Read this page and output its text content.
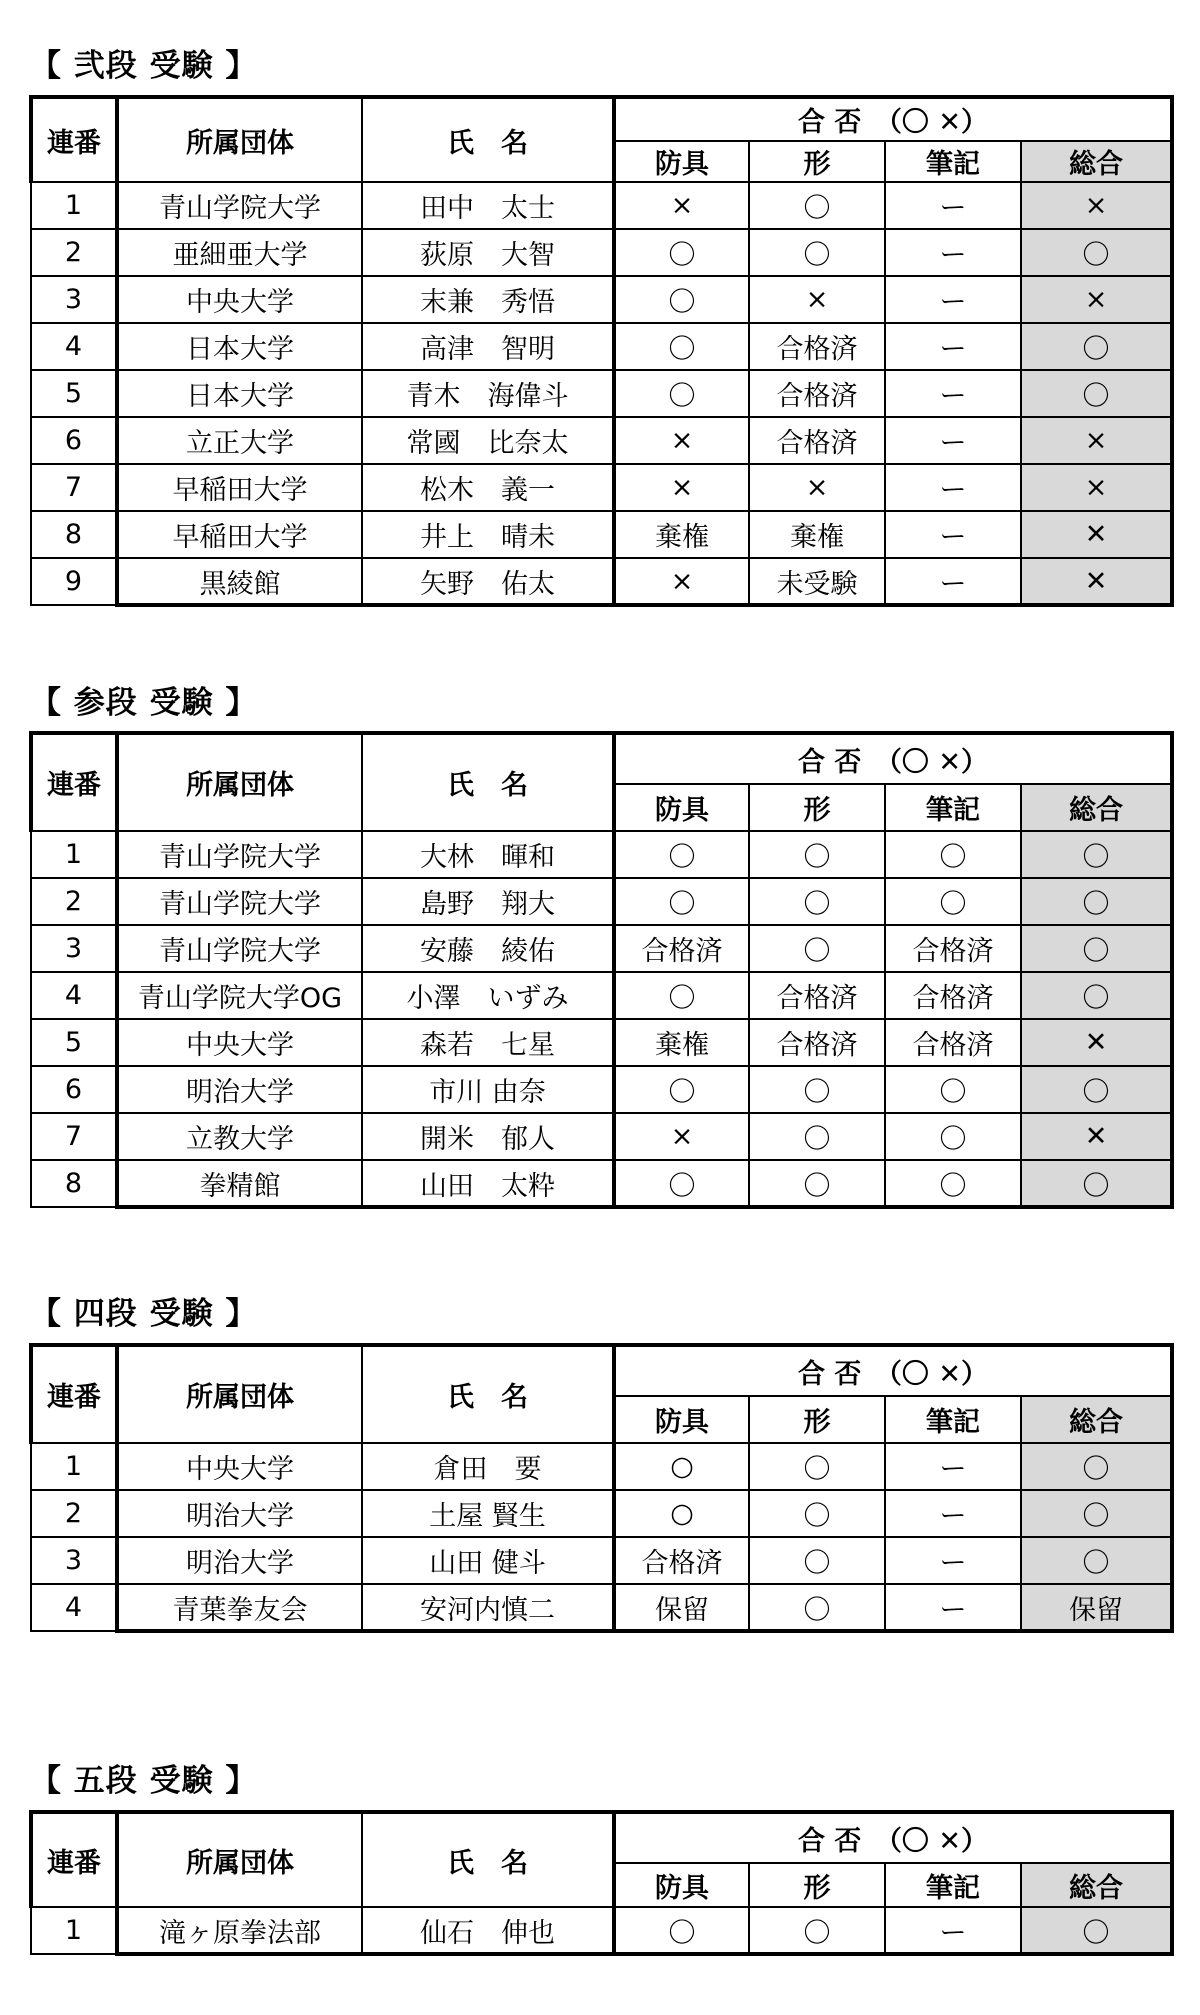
【 弐段 受験 】
連番	所属団体	氏　名	合 否　（〇 ✕）			
			防具	形	筆記	総合
1	青山学院大学	田中　太士	×	〇	ー	×
2	亜細亜大学	荻原　大智	〇	〇	ー	〇
3	中央大学	末兼　秀悟	〇	×	ー	×
4	日本大学	高津　智明	〇	合格済	ー	〇
5	日本大学	青木　海偉斗	〇	合格済	ー	〇
6	立正大学	常國　比奈太	×	合格済	ー	×
7	早稲田大学	松木　義一	×	×	ー	×
8	早稲田大学	井上　晴未	棄権	棄権	ー	✕
9	黒綾館	矢野　佑太	×	未受験	ー	✕
【 参段 受験 】
連番	所属団体	氏　名	合 否　（〇 ✕）			
			防具	形	筆記	総合
1	青山学院大学	大林　暉和	〇	〇	〇	〇
2	青山学院大学	島野　翔大	〇	〇	〇	〇
3	青山学院大学	安藤　綾佑	合格済	〇	合格済	〇
4	青山学院大学OG	小澤　いずみ	〇	合格済	合格済	〇
5	中央大学	森若　七星	棄権	合格済	合格済	✕
6	明治大学	市川 由奈	〇	〇	〇	〇
7	立教大学	開米　郁人	×	〇	〇	✕
8	拳精館	山田　太粋	〇	〇	〇	〇
【 四段 受験 】
連番	所属団体	氏　名	合 否　（〇 ✕）			
			防具	形	筆記	総合
1	中央大学	倉田　要	○	〇	ー	〇
2	明治大学	土屋 賢生	○	〇	ー	〇
3	明治大学	山田 健斗	合格済	〇	ー	〇
4	青葉拳友会	安河内慎二	保留	〇	ー	保留
【 五段 受験 】
連番	所属団体	氏　名	合 否　（〇 ✕）			
			防具	形	筆記	総合
1	滝ヶ原拳法部	仙石　伸也	〇	〇	ー	〇
